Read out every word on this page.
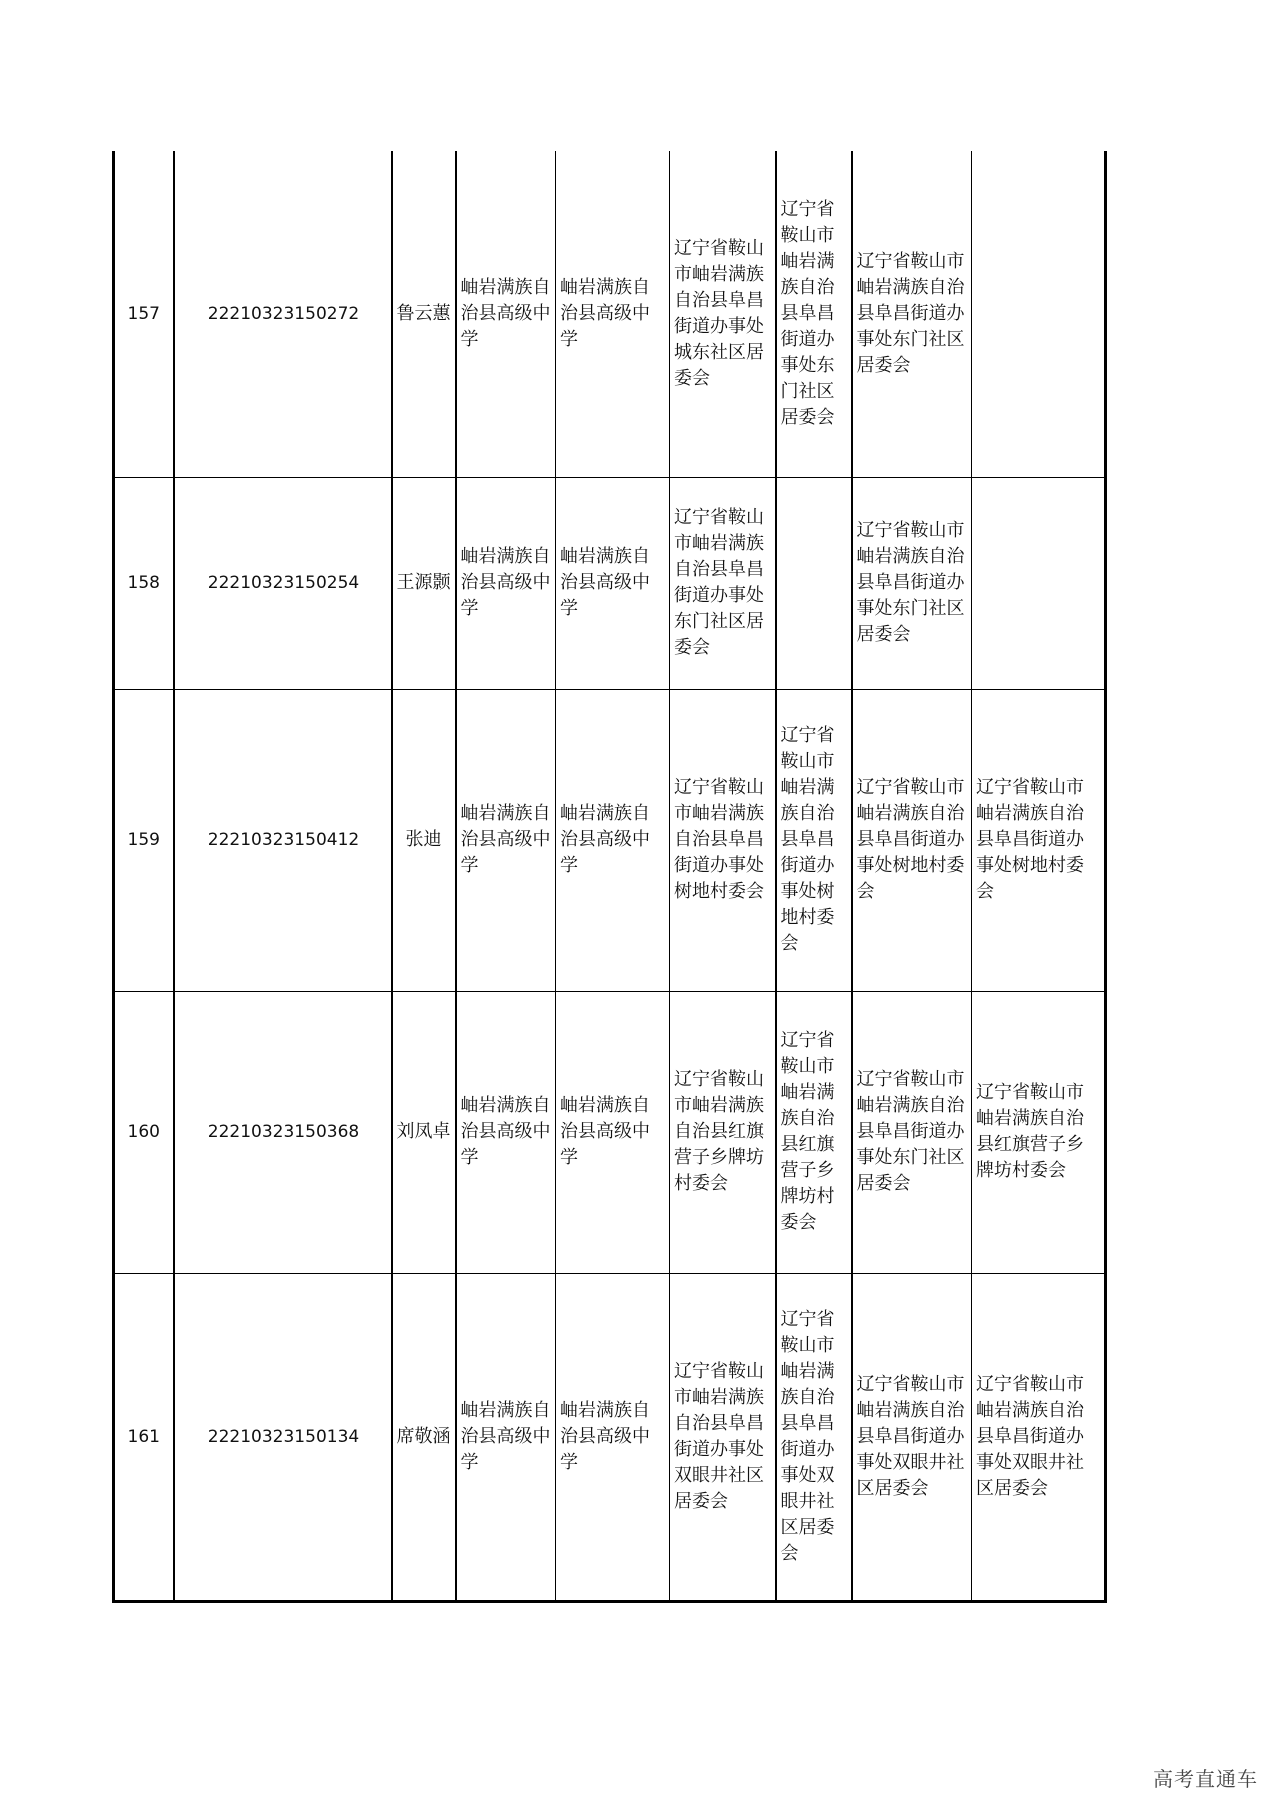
157	22210323150272	鲁云蕙	岫岩满族自治县高级中学	岫岩满族自治县高级中学	辽宁省鞍山市岫岩满族自治县阜昌街道办事处城东社区居委会	辽宁省鞍山市岫岩满族自治县阜昌街道办事处东门社区居委会	辽宁省鞍山市岫岩满族自治县阜昌街道办事处东门社区居委会	
158	22210323150254	王源颢	岫岩满族自治县高级中学	岫岩满族自治县高级中学	辽宁省鞍山市岫岩满族自治县阜昌街道办事处东门社区居委会		辽宁省鞍山市岫岩满族自治县阜昌街道办事处东门社区居委会	
159	22210323150412	张迪	岫岩满族自治县高级中学	岫岩满族自治县高级中学	辽宁省鞍山市岫岩满族自治县阜昌街道办事处树地村委会	辽宁省鞍山市岫岩满族自治县阜昌街道办事处树地村委会	辽宁省鞍山市岫岩满族自治县阜昌街道办事处树地村委会	辽宁省鞍山市岫岩满族自治县阜昌街道办事处树地村委会
160	22210323150368	刘凤卓	岫岩满族自治县高级中学	岫岩满族自治县高级中学	辽宁省鞍山市岫岩满族自治县红旗营子乡牌坊村委会	辽宁省鞍山市岫岩满族自治县红旗营子乡牌坊村委会	辽宁省鞍山市岫岩满族自治县阜昌街道办事处东门社区居委会	辽宁省鞍山市岫岩满族自治县红旗营子乡牌坊村委会
161	22210323150134	席敬涵	岫岩满族自治县高级中学	岫岩满族自治县高级中学	辽宁省鞍山市岫岩满族自治县阜昌街道办事处双眼井社区居委会	辽宁省鞍山市岫岩满族自治县阜昌街道办事处双眼井社区居委会	辽宁省鞍山市岫岩满族自治县阜昌街道办事处双眼井社区居委会	辽宁省鞍山市岫岩满族自治县阜昌街道办事处双眼井社区居委会
高考直通车
